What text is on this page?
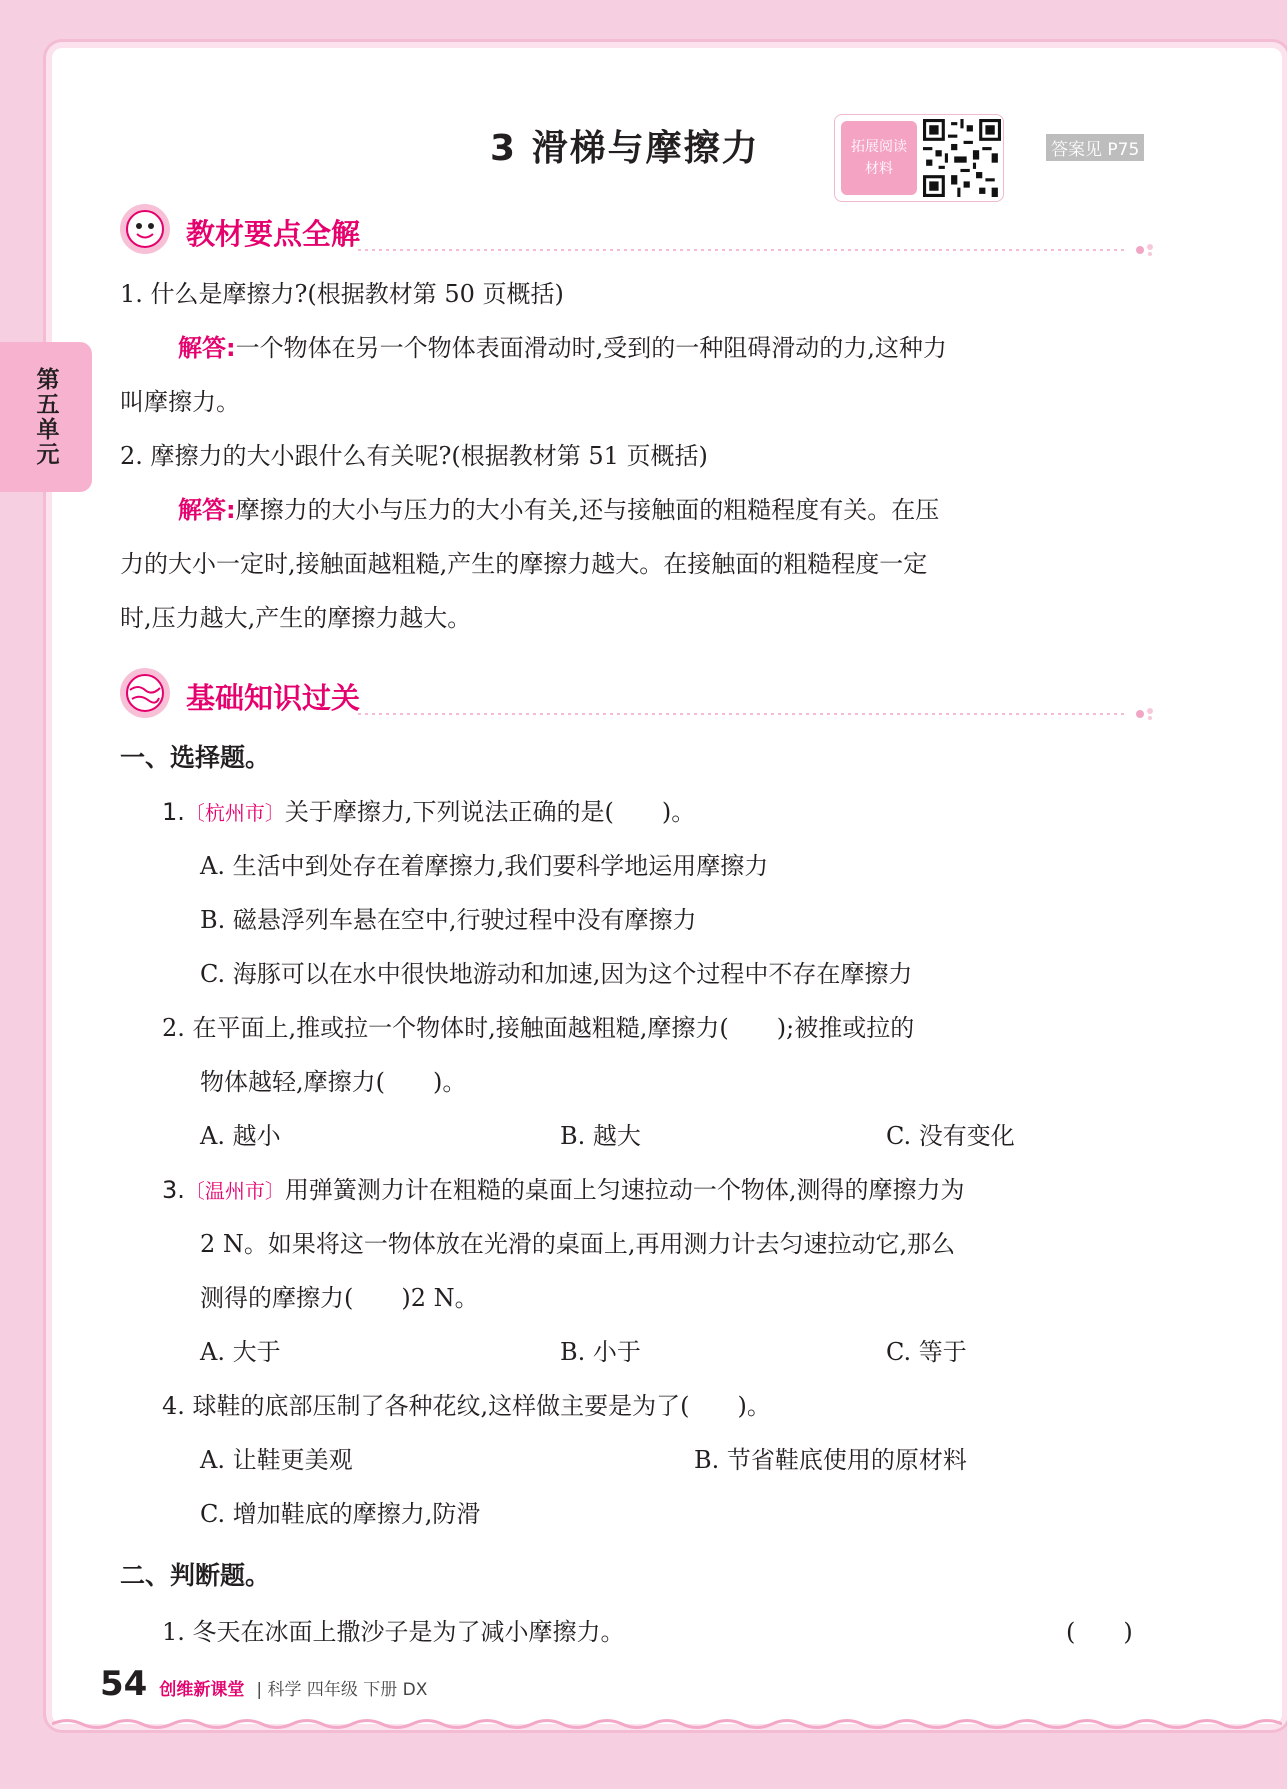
第五单元
3 滑梯与摩擦力	拓展阅读
材料
答案见 P75
教材要点全解
1. 什么是摩擦力?(根据教材第 50 页概括)
解答:一个物体在另一个物体表面滑动时,受到的一种阻碍滑动的力,这种力
叫摩擦力。
2. 摩擦力的大小跟什么有关呢?(根据教材第 51 页概括)
解答:摩擦力的大小与压力的大小有关,还与接触面的粗糙程度有关。在压
力的大小一定时,接触面越粗糙,产生的摩擦力越大。在接触面的粗糙程度一定
时,压力越大,产生的摩擦力越大。
基础知识过关
一、选择题。
1.〔杭州市〕关于摩擦力,下列说法正确的是(　　)。
A. 生活中到处存在着摩擦力,我们要科学地运用摩擦力
B. 磁悬浮列车悬在空中,行驶过程中没有摩擦力
C. 海豚可以在水中很快地游动和加速,因为这个过程中不存在摩擦力
2. 在平面上,推或拉一个物体时,接触面越粗糙,摩擦力(　　);被推或拉的
物体越轻,摩擦力(　　)。
A. 越小	B. 越大	C. 没有变化
3.〔温州市〕用弹簧测力计在粗糙的桌面上匀速拉动一个物体,测得的摩擦力为
2 N。如果将这一物体放在光滑的桌面上,再用测力计去匀速拉动它,那么
测得的摩擦力(　　)2 N。
A. 大于	B. 小于	C. 等于
4. 球鞋的底部压制了各种花纹,这样做主要是为了(　　)。
A. 让鞋更美观	B. 节省鞋底使用的原材料
C. 增加鞋底的摩擦力,防滑
二、判断题。
1. 冬天在冰面上撒沙子是为了减小摩擦力。	(　　)
54 创维新课堂 | 科学 四年级 下册 DX
